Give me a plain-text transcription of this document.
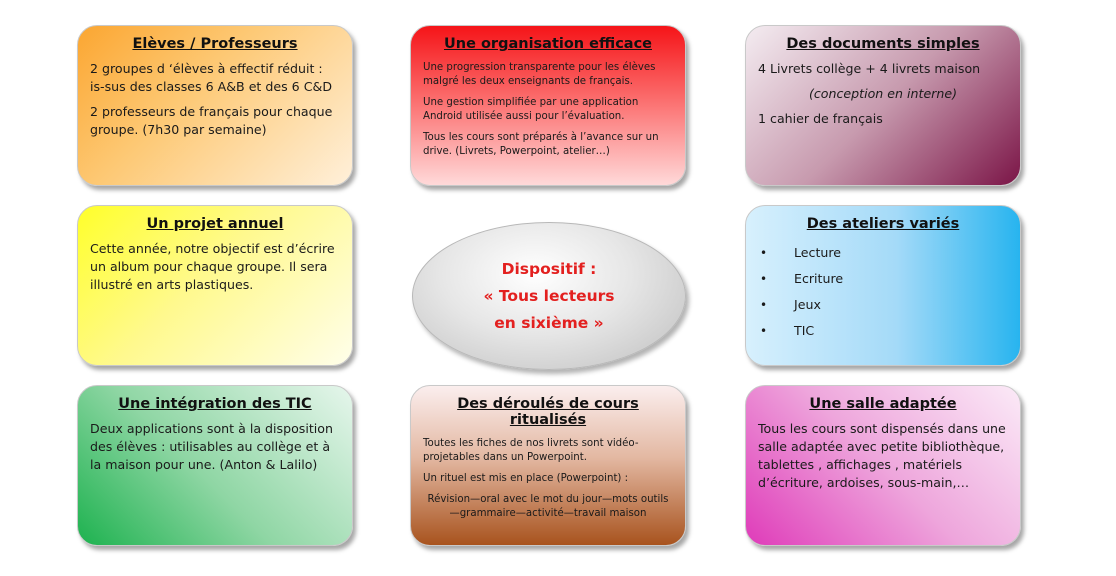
Elèves / Professeurs

2 groupes d ‘élèves à effectif réduit : is-sus des classes 6 A&B et des 6 C&D

2 professeurs de français pour chaque groupe. (7h30 par semaine)

Une organisation efficace

Une progression transparente pour les élèves malgré les deux enseignants de français.

Une gestion simplifiée par une application Android utilisée aussi pour l’évaluation.

Tous les cours sont préparés à l’avance sur un drive. (Livrets, Powerpoint, atelier…)

Des documents simples

4 Livrets collège + 4 livrets maison

(conception en interne)

1 cahier de français

Un projet annuel

Cette année, notre objectif est d’écrire un album pour chaque groupe. Il sera illustré en arts plastiques.

Dispositif :
« Tous lecteurs
en sixième »
Des ateliers variés
• Lecture
• Ecriture
• Jeux
• TIC
Une intégration des TIC

Deux applications sont à la disposition des élèves : utilisables au collège et à la maison pour une. (Anton & Lalilo)

Des déroulés de cours ritualisés

Toutes les fiches de nos livrets sont vidéo-projetables dans un Powerpoint.

Un rituel est mis en place (Powerpoint) :

Révision—oral avec le mot du jour—mots outils—grammaire—activité—travail maison

Une salle adaptée

Tous les cours sont dispensés dans une salle adaptée avec petite bibliothèque, tablettes , affichages , matériels d’écriture, ardoises, sous-main,…
